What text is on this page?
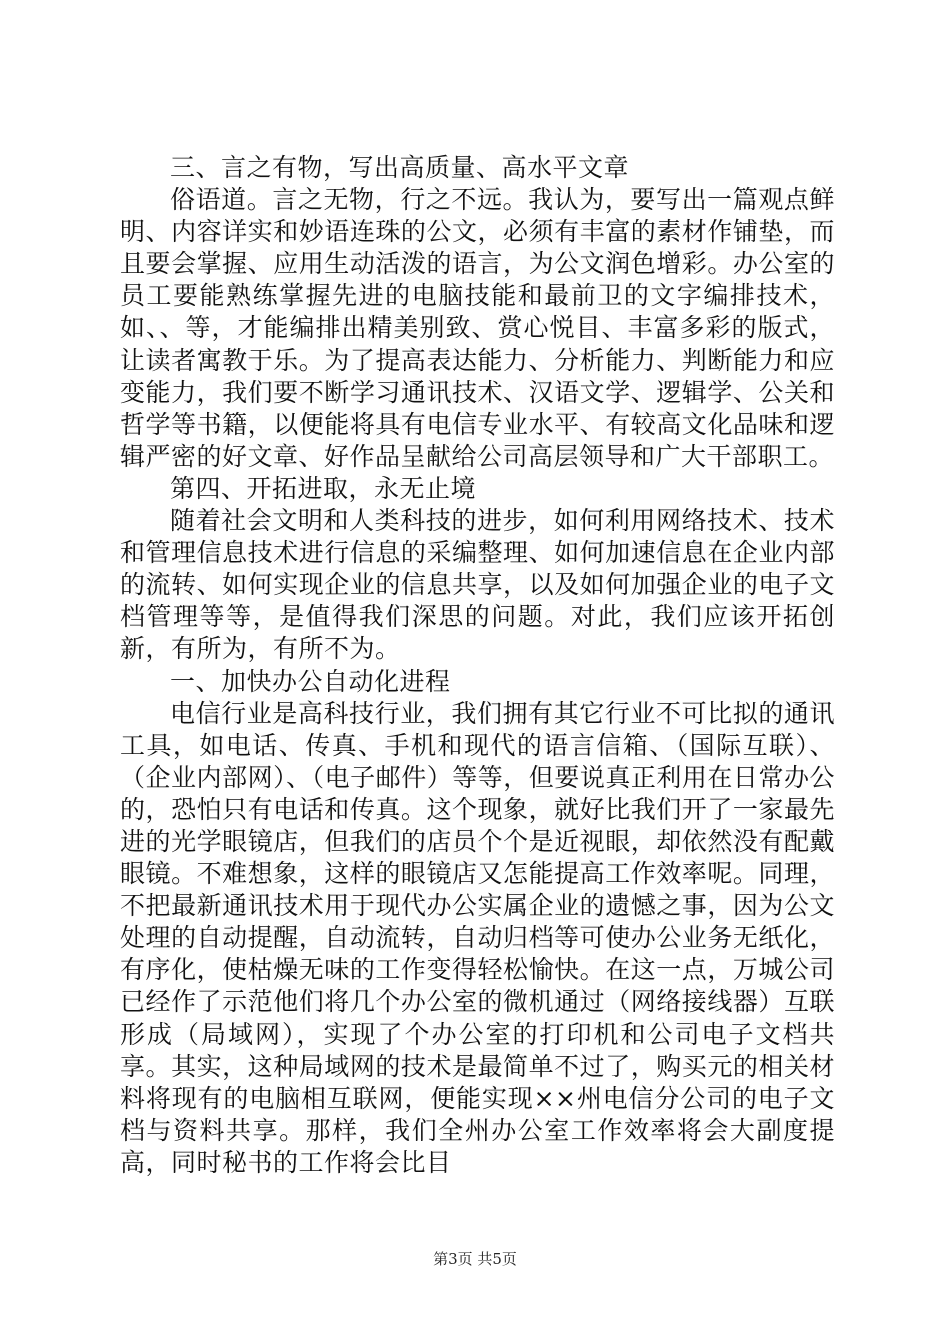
三、言之有物，写出高质量、高水平文章

俗语道。言之无物，行之不远。我认为，要写出一篇观点鲜明、内容详实和妙语连珠的公文，必须有丰富的素材作铺垫，而且要会掌握、应用生动活泼的语言，为公文润色增彩。办公室的员工要能熟练掌握先进的电脑技能和最前卫的文字编排技术，如、、等，才能编排出精美别致、赏心悦目、丰富多彩的版式，让读者寓教于乐。为了提高表达能力、分析能力、判断能力和应变能力，我们要不断学习通讯技术、汉语文学、逻辑学、公关和哲学等书籍，以便能将具有电信专业水平、有较高文化品味和逻辑严密的好文章、好作品呈献给公司高层领导和广大干部职工。

第四、开拓进取，永无止境

随着社会文明和人类科技的进步，如何利用网络技术、技术和管理信息技术进行信息的采编整理、如何加速信息在企业内部的流转、如何实现企业的信息共享，以及如何加强企业的电子文档管理等等，是值得我们深思的问题。对此，我们应该开拓创新，有所为，有所不为。

一、加快办公自动化进程

电信行业是高科技行业，我们拥有其它行业不可比拟的通讯工具，如电话、传真、手机和现代的语言信箱、（国际互联）、（企业内部网）、（电子邮件）等等，但要说真正利用在日常办公的，恐怕只有电话和传真。这个现象，就好比我们开了一家最先进的光学眼镜店，但我们的店员个个是近视眼，却依然没有配戴眼镜。不难想象，这样的眼镜店又怎能提高工作效率呢。同理，不把最新通讯技术用于现代办公实属企业的遗憾之事，因为公文处理的自动提醒，自动流转，自动归档等可使办公业务无纸化，有序化，使枯燥无味的工作变得轻松愉快。在这一点，万城公司已经作了示范他们将几个办公室的微机通过（网络接线器）互联形成（局域网），实现了个办公室的打印机和公司电子文档共享。其实，这种局域网的技术是最简单不过了，购买元的相关材料将现有的电脑相互联网，便能实现××州电信分公司的电子文档与资料共享。那样，我们全州办公室工作效率将会大副度提高，同时秘书的工作将会比目

第3页 共5页
